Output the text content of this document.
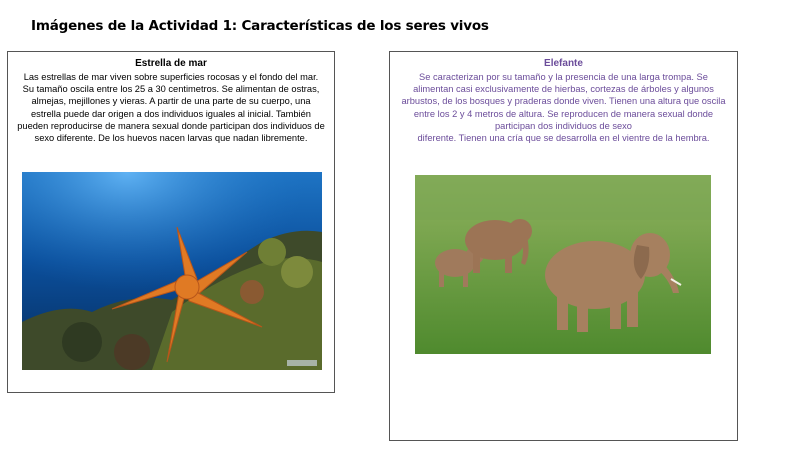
Imágenes de la Actividad 1: Características de los seres vivos
Estrella de mar
Las estrellas de mar viven sobre superficies rocosas y el fondo del mar.
Su tamaño oscila entre los 25 a 30 centimetros. Se alimentan de ostras,
almejas, mejillones y vieras. A partir de una parte de su cuerpo, una
estrella puede dar origen a dos individuos iguales al inicial. También
pueden reproducirse de manera sexual donde participan dos individuos de
sexo diferente. De los huevos nacen larvas que nadan libremente.
Elefante
Se caracterizan por su tamaño y la presencia de una larga trompa. Se
alimentan casi exclusivamente de hierbas, cortezas de árboles y algunos
arbustos, de los bosques y praderas donde viven. Tienen una altura que oscila
entre los 2 y 4 metros de altura. Se reproducen de manera sexual donde
participan dos individuos de sexo
diferente. Tienen una cría que se desarrolla en el vientre de la hembra.
